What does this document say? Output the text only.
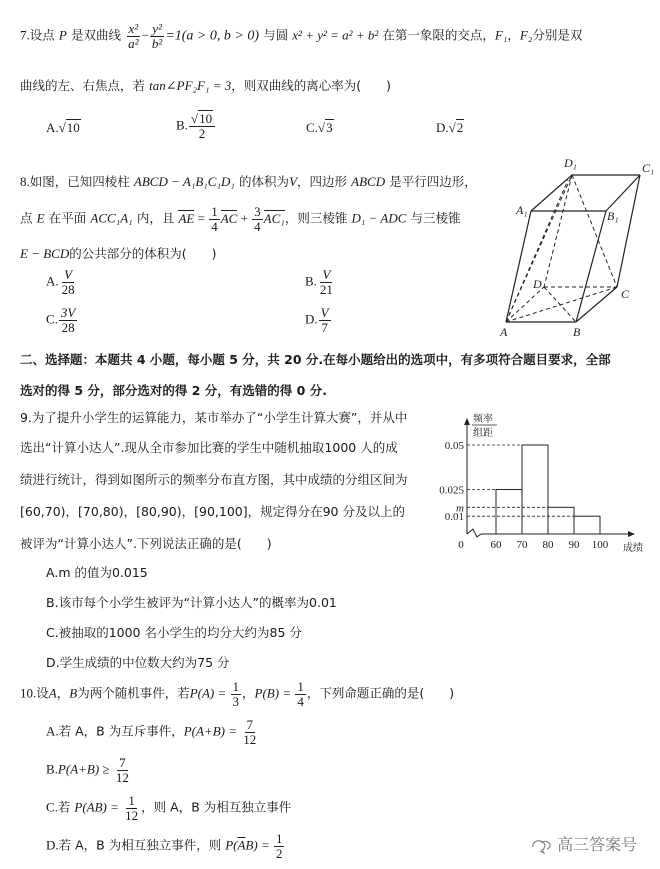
7.设点 P 是双曲线 $\frac{\text{x²}}{\text{a²}} - \frac{\text{y²}}{\text{b²}} =1(a > 0$, b > 0) 与圆 x² + y² = a² + b² 在第一象限的交点，F₁，F₂分别是双
曲线的左、右焦点，若 tan∠PF₂F₁ = 3，则双曲线的离心率为(　　)
A.√10	B. $\frac{√10}{2}$	C.√3	D.√2
8.如图，已知四棱柱 ABCD − A₁B₁C₁D₁ 的体积为V，四边形 ABCD 是平行四边形，
点 E 在平面 ACC₁A₁ 内，且 AE = $\frac{1}{4}$ AC + $\frac{3}{4} AC_1$，则三棱锥 D₁ − ADC 与三棱锥
E − BCD的公共部分的体积为(　　)
A. $\frac{V}{28}$	B. $\frac{V}{21}$
C. $\frac{3V}{28}$	D. $\frac{V}{7}$
D₁	C₁
A₁	B₁
D
C
A	B
二、选择题：本题共 4 小题，每小题 5 分，共 20 分.在每小题给出的选项中，有多项符合题目要求，全部
选对的得 5 分，部分选对的得 2 分，有选错的得 0 分.
9.为了提升小学生的运算能力，某市举办了“小学生计算大赛”，并从中
选出“计算小达人”.现从全市参加比赛的学生中随机抽取1000 人的成
绩进行统计，得到如图所示的频率分布直方图，其中成绩的分组区间为
[60,70)，[70,80)，[80,90)，[90,100]，规定得分在90 分及以上的
被评为“计算小达人”.下列说法正确的是(　　)
A.m 的值为0.015
B.该市每个小学生被评为“计算小达人”的概率为0.01
C.被抽取的1000 名小学生的均分大约为85 分
D.学生成绩的中位数大约为75 分
0.05
0.025
m
0.01
0 60 70 80 90 100 成绩
频率
组距
10.设A，B为两个随机事件，若$P(A) = \frac{1}{3}$ ，$P(B) = \frac{1}{4}$ ，下列命题正确的是(　　)
A.若 A，B 为互斥事件，$P(A+B) = \frac{7}{12}$
$B.P(A+B) \ge \frac{7}{12}$
C.若 $P(AB) = \frac{1}{12}$ ，则 A，B 为相互独立事件
D.若 A，B 为相互独立事件，则 $P(\overline{A}B) = \frac{1}{2}$	高三答案号
